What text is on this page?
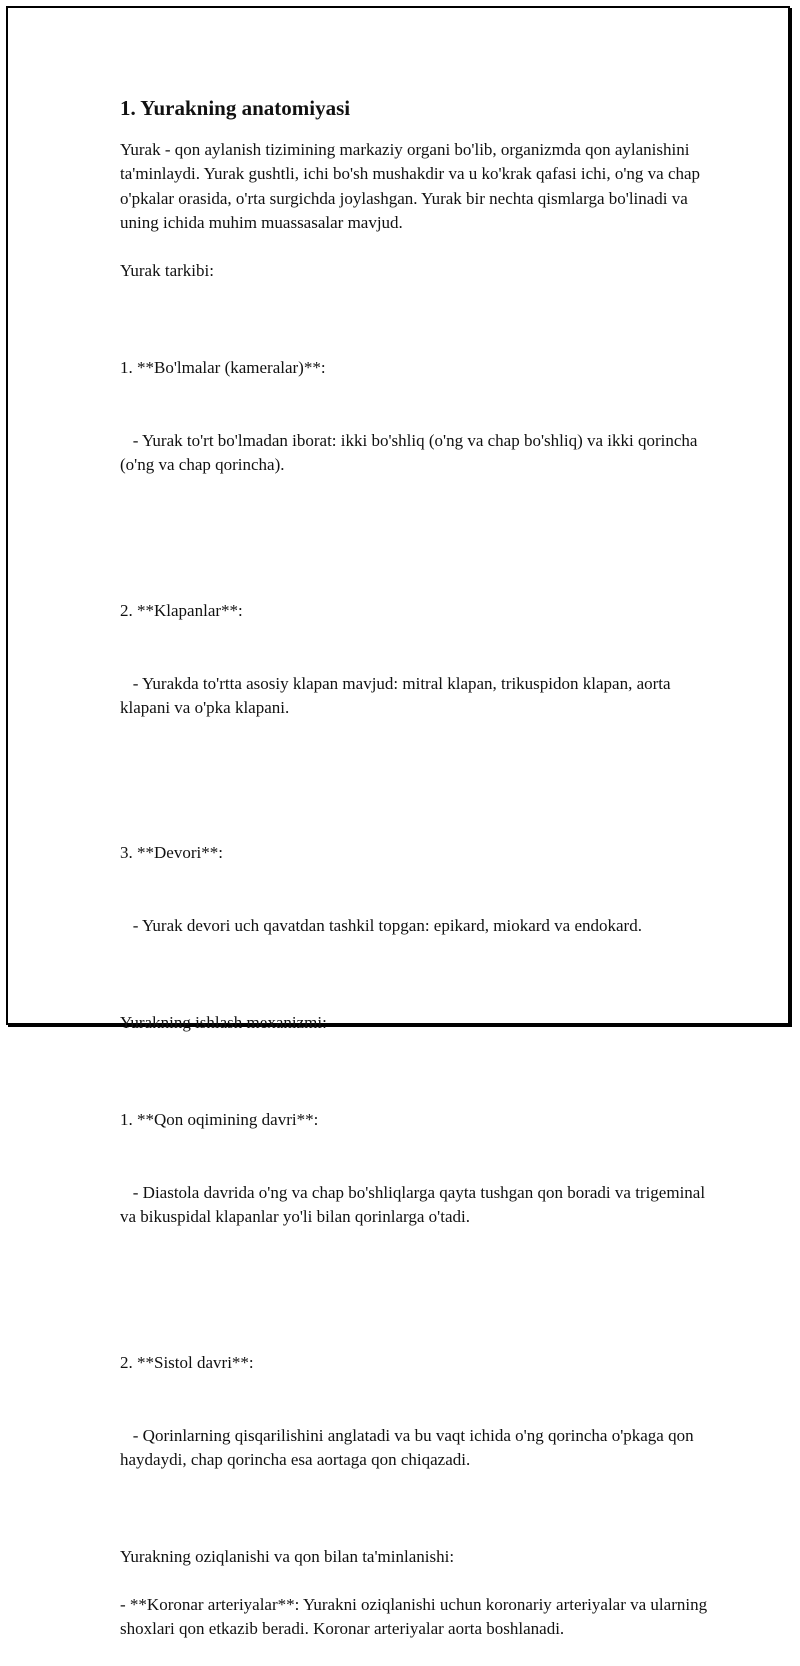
1. Yurakning anatomiyasi
Yurak - qon aylanish tizimining markaziy organi bo'lib, organizmda qon aylanishini ta'minlaydi. Yurak gushtli, ichi bo'sh mushakdir va u ko'krak qafasi ichi, o'ng va chap o'pkalar orasida, o'rta surgichda joylashgan. Yurak bir nechta qismlarga bo'linadi va uning ichida muhim muassasalar mavjud.
Yurak tarkibi:

1. **Bo'lmalar (kameralar)**:

- Yurak to'rt bo'lmadan iborat: ikki bo'shliq (o'ng va chap bo'shliq) va ikki qorincha (o'ng va chap qorincha).

2. **Klapanlar**:

- Yurakda to'rtta asosiy klapan mavjud: mitral klapan, trikuspidon klapan, aorta klapani va o'pka klapani.

3. **Devori**:

- Yurak devori uch qavatdan tashkil topgan: epikard, miokard va endokard.

Yurakning ishlash mexanizmi:

1. **Qon oqimining davri**:

- Diastola davrida o'ng va chap bo'shliqlarga qayta tushgan qon boradi va trigeminal va bikuspidal klapanlar yo'li bilan qorinlarga o'tadi.

2. **Sistol davri**:

- Qorinlarning qisqarilishini anglatadi va bu vaqt ichida o'ng qorincha o'pkaga qon haydaydi, chap qorincha esa aortaga qon chiqazadi.

Yurakning oziqlanishi va qon bilan ta'minlanishi:
- **Koronar arteriyalar**: Yurakni oziqlanishi uchun koronariy arteriyalar va ularning shoxlari qon etkazib beradi. Koronar arteriyalar aorta boshlanadi.
